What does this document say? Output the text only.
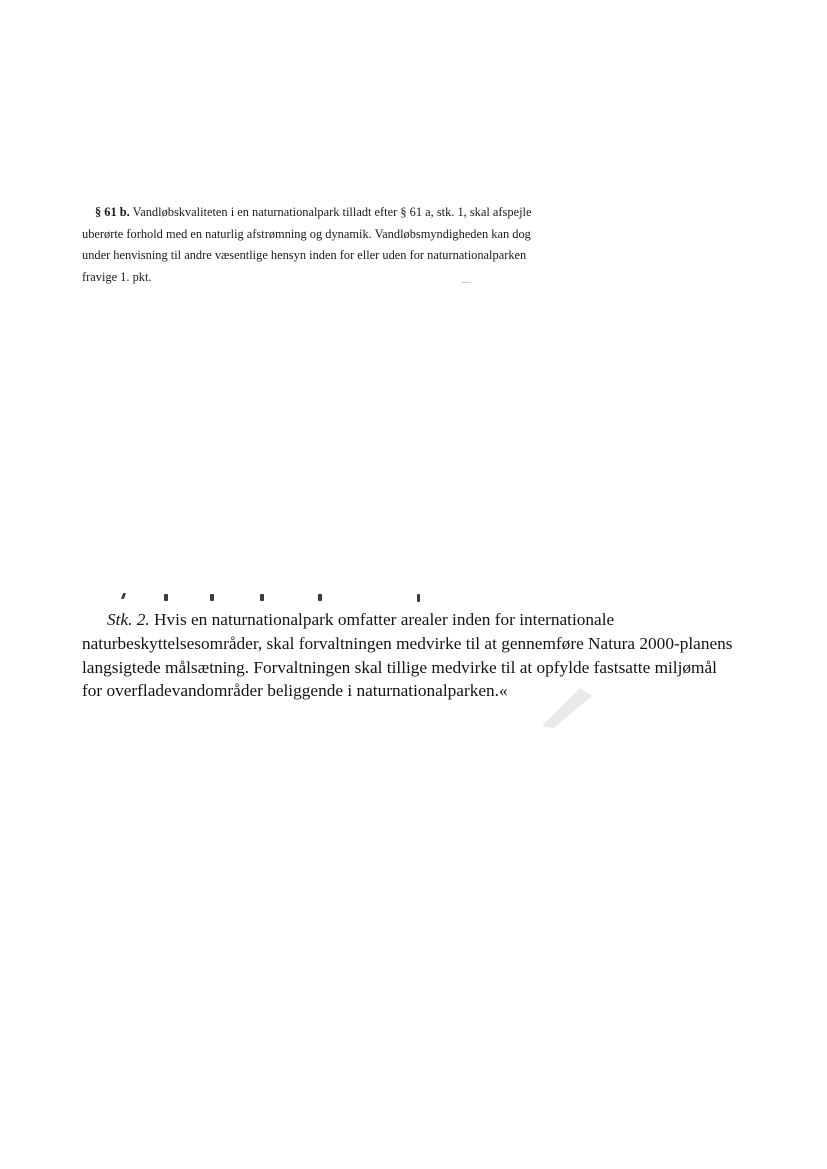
§ 61 b. Vandløbskvaliteten i en naturnationalpark tilladt efter § 61 a, stk. 1, skal afspejle
uberørte forhold med en naturlig afstrømning og dynamik. Vandløbsmyndigheden kan dog
under henvisning til andre væsentlige hensyn inden for eller uden for naturnationalparken
fravige 1. pkt.
Stk. 2. Hvis en naturnationalpark omfatter arealer inden for internationale
naturbeskyttelsesområder, skal forvaltningen medvirke til at gennemføre Natura 2000-planens
langsigtede målsætning. Forvaltningen skal tillige medvirke til at opfylde fastsatte miljømål
for overfladevandområder beliggende i naturnationalparken.«
